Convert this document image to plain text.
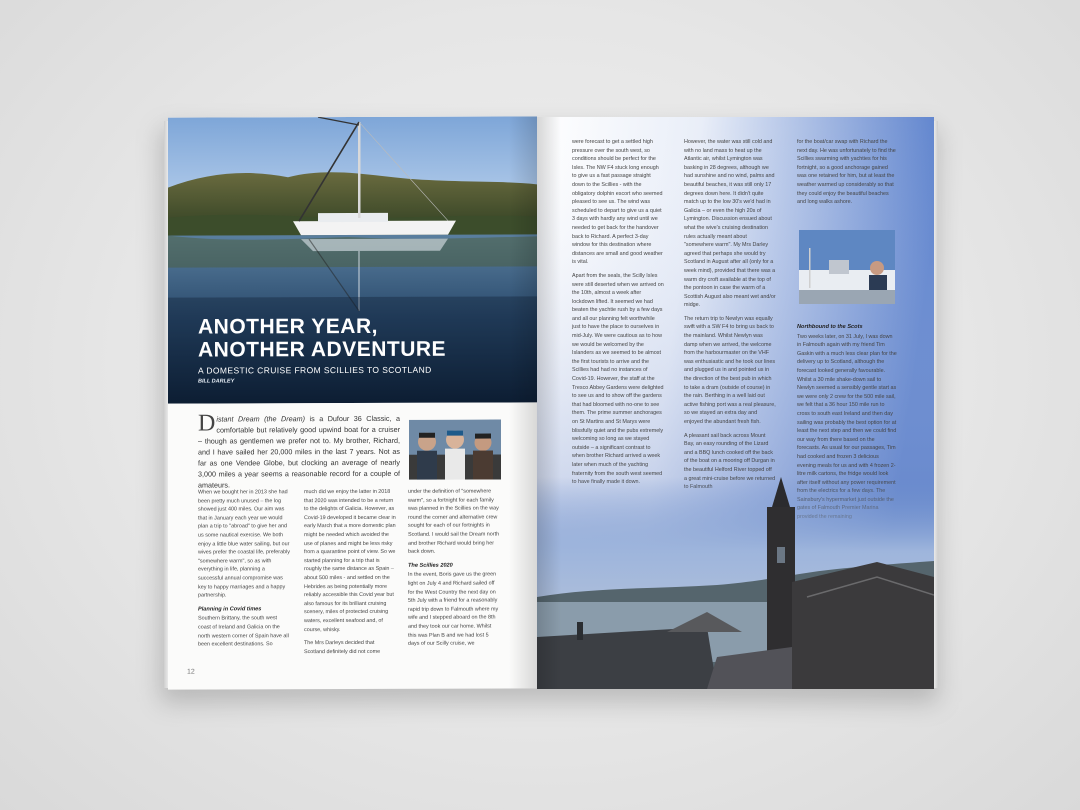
ANOTHER YEAR,
ANOTHER ADVENTURE
A DOMESTIC CRUISE FROM SCILLIES TO SCOTLAND
BILL DARLEY
Distant Dream (the Dream) is a Dufour 36 Classic, a comfortable but relatively good upwind boat for a cruiser – though as gentlemen we prefer not to. My brother, Richard, and I have sailed her 20,000 miles in the last 7 years. Not as far as one Vendee Globe, but clocking an average of nearly 3,000 miles a year seems a reasonable record for a couple of amateurs.

When we bought her in 2013 she had been pretty much unused – the log showed just 400 miles. Our aim was that in January each year we would plan a trip to "abroad" to give her and us some nautical exercise. We both enjoy a little blue water sailing, but our wives prefer the coastal life, preferably "somewhere warm", so as with everything in life, planning a successful annual compromise was key to happy marriages and a happy partnership.

Planning in Covid times

Southern Brittany, the south west coast of Ireland and Galicia on the north western corner of Spain have all been excellent destinations. So

much did we enjoy the latter in 2018 that 2020 was intended to be a return to the delights of Galicia. However, as Covid-19 developed it became clear in early March that a more domestic plan might be needed which avoided the use of planes and might be less risky from a quarantine point of view. So we started planning for a trip that is roughly the same distance as Spain – about 500 miles - and settled on the Hebrides as being potentially more reliably accessible this Covid year but also famous for its brilliant cruising scenery, miles of protected cruising waters, excellent seafood and, of course, whisky.

The Mrs Darleys decided that Scotland definitely did not come

under the definition of "somewhere warm", so a fortnight for each family was planned in the Scillies on the way round the corner and alternative crew sought for each of our fortnights in Scotland. I would sail the Dream north and brother Richard would bring her back down.

The Scillies 2020

In the event, Boris gave us the green light on July 4 and Richard sailed off for the West Country the next day on 5th July with a friend for a reasonably rapid trip down to Falmouth where my wife and I stepped aboard on the 8th and they took our car home. Whilst this was Plan B and we had lost 5 days of our Scilly cruise, we

12

were forecast to get a settled high pressure over the south west, so conditions should be perfect for the Isles. The NW F4 stuck long enough to give us a fast passage straight down to the Scillies - with the obligatory dolphin escort who seemed pleased to see us. The wind was scheduled to depart to give us a quiet 3 days with hardly any wind until we needed to get back for the handover back to Richard. A perfect 3-day window for this destination where distances are small and good weather is vital.

Apart from the seals, the Scilly Isles were still deserted when we arrived on the 10th, almost a week after lockdown lifted. It seemed we had beaten the yachtie rush by a few days and all our planning felt worthwhile just to have the place to ourselves in mid-July. We were cautious as to how we would be welcomed by the Islanders as we seemed to be almost the first tourists to arrive and the Scillies had had no instances of Covid-19. However, the staff at the Tresco Abbey Gardens were delighted to see us and to show off the gardens that had bloomed with no-one to see them. The prime summer anchorages on St Martins and St Marys were blissfully quiet and the pubs extremely welcoming so long as we stayed outside – a significant contrast to when brother Richard arrived a week later when much of the yachting fraternity from the south west seemed

However, the water was still cold and with no land mass to heat up the Atlantic air, whilst Lymington was basking in 28 degrees, although we had sunshine and no wind, palms and beautiful beaches, it was still only 17 degrees down here. It didn't quite match up to the low 30's we'd had in Galicia – or even the high 20s of Lymington. Discussion ensued about what the wive's cruising destination rules actually meant about "somewhere warm". My Mrs Darley agreed that perhaps she would try Scotland in August after all (only for a week mind), provided that there was a warm dry croft available at the top of the pontoon in case the warm of a Scottish August also meant wet and/or midge.

The return trip to Newlyn was equally swift with a SW F4 to bring us back to the mainland. Whilst Newlyn was damp when we arrived, the welcome from the harbourmaster on the VHF was enthusiastic and he took our lines and plugged us in and pointed us in the direction of the best pub in which to take a dram (outside of course) in the rain. Berthing in a well laid out active fishing port was a real pleasure, so we stayed an extra day and enjoyed the abundant fresh fish.

A pleasant sail back across Mount Bay, an easy rounding of the Lizard and a BBQ lunch cooked off the back of the boat on a mooring off Durgan in the beautiful Helford River topped off

for the boat/car swap with Richard the next day. He was unfortunately to find the Scillies swarming with yachties for his fortnight, so a good anchorage gained was one retained for him, but at least the weather warmed up considerably so that they could enjoy the beautiful beaches and long walks ashore.

Northbound to the Scots

Two weeks later, on 31 July, I was down in Falmouth again with my friend Tim Gaskin with a much less clear plan for the delivery up to Scotland, although the forecast looked generally favourable. Whilst a 30 mile shake-down sail to Newlyn seemed a sensibly gentle start as we were only 2 crew for the 500 mile sail, we felt that a 36 hour 150 mile run to cross to south east Ireland and then day sailing was probably the best option for at least the next step and then we could find our way from there based on the forecasts. As usual for our passages, Tim had cooked and frozen 3 delicious evening meals for us and with 4 frozen 2-litre milk cartons, the fridge would look
